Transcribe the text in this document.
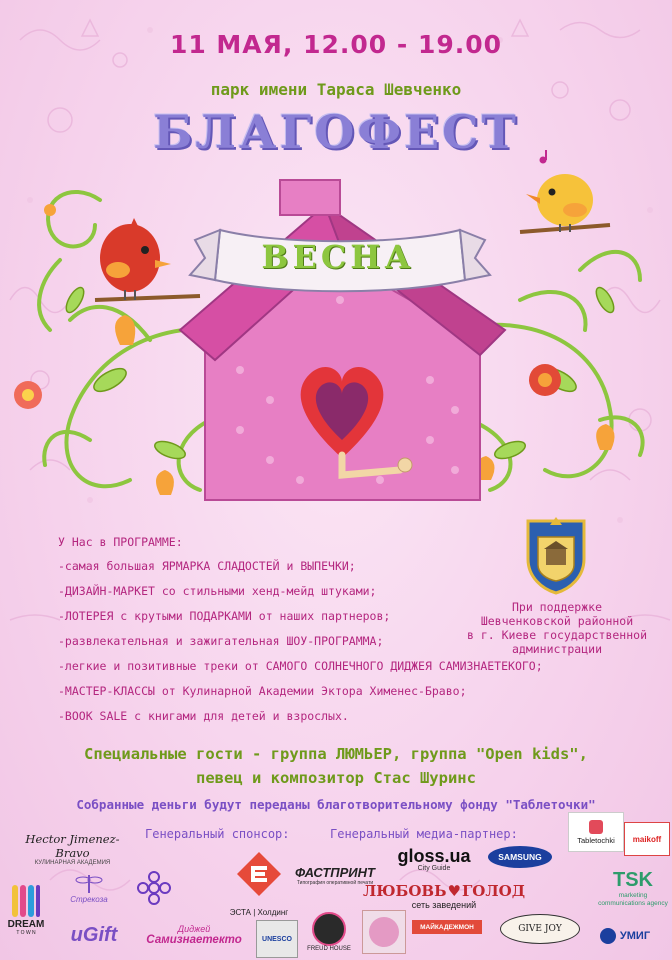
11 МАЯ, 12.00 - 19.00
парк имени Тараса Шевченко
БЛАГОФЕСТ
ВЕСНА
У Нас в ПРОГРАММЕ:
-самая большая ЯРМАРКА СЛАДОСТЕЙ и ВЫПЕЧКИ;
-ДИЗАЙН-МАРКЕТ со стильными хенд-мейд штуками;
-ЛОТЕРЕЯ с крутыми ПОДАРКАМИ от наших партнеров;
-развлекательная и зажигательная ШОУ-ПРОГРАММА;
-легкие и позитивные треки от САМОГО СОЛНЕЧНОГО ДИДЖЕЯ САМИЗНАЕТЕКОГО;
-МАСТЕР-КЛАССЫ от Кулинарной Академии Эктора Хименес-Браво;
-BOOK SALE с книгами для детей и взрослых.
При поддержке
Шевченковской районной
в г. Киеве государственной
администрации
Специальные гости - группа ЛЮМЬЕР, группа "Open kids",
певец и композитор Стас Шуринс
Собранные деньги будут переданы благотворительному фонду "Таблеточки"
Генеральный спонсор:	Генеральный медиа-партнер:
Hector Jimenez-Bravo
КУЛИНАРНАЯ АКАДЕМИЯ
ФАСТПРИНТ
Типография оперативной печати
gloss.ua
City Guide
SAMSUNG
Tabletochki maikoff
ЛЮБОВЬ ♥ ГОЛОД
сеть заведений
TSK
marketing communications agency
DREAM
T O W N
Стрекоза
uGift	Диджей
Самизнаетекто
ЭСТА | Холдинг
UNESCO
FREUD HOUSE
МАЙКАДЕЖМОН	GIVE JOY
УМИГ
